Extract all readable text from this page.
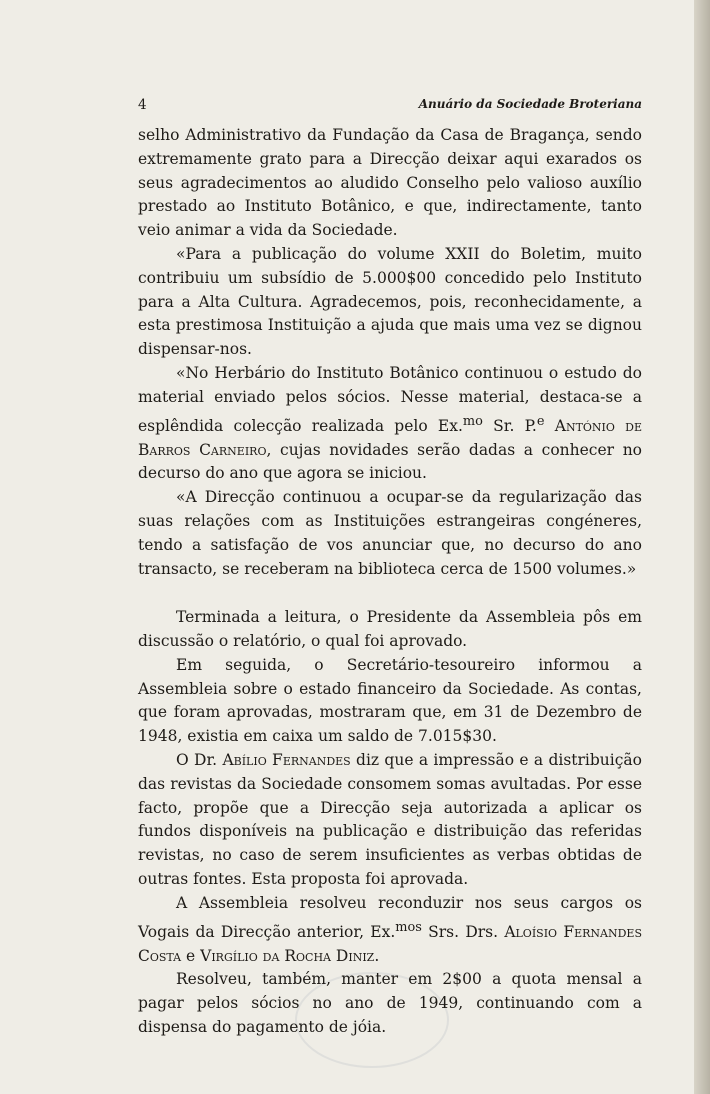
4	Anuário da Sociedade Broteriana

selho Administrativo da Fundação da Casa de Bragança, sendo extremamente grato para a Direcção deixar aqui exarados os seus agradecimentos ao aludido Conselho pelo valioso auxílio prestado ao Instituto Botânico, e que, indirectamente, tanto veio animar a vida da Sociedade.

«Para a publicação do volume XXII do Boletim, muito contribuiu um subsídio de 5.000$00 concedido pelo Instituto para a Alta Cultura. Agradecemos, pois, reconhecidamente, a esta prestimosa Instituição a ajuda que mais uma vez se dignou dispensar-nos.

«No Herbário do Instituto Botânico continuou o estudo do material enviado pelos sócios. Nesse material, destaca-se a esplêndida colecção realizada pelo Ex.$^{mo}$ Sr. P.$^e$ António de Barros Carneiro, cujas novidades serão dadas a conhecer no decurso do ano que agora se iniciou.

«A Direcção continuou a ocupar-se da regularização das suas relações com as Instituições estrangeiras congéneres, tendo a satisfação de vos anunciar que, no decurso do ano transacto, se receberam na biblioteca cerca de 1500 volumes.»

Terminada a leitura, o Presidente da Assembleia pôs em discussão o relatório, o qual foi aprovado.

Em seguida, o Secretário-tesoureiro informou a Assembleia sobre o estado financeiro da Sociedade. As contas, que foram aprovadas, mostraram que, em 31 de Dezembro de 1948, existia em caixa um saldo de 7.015$30.

O Dr. Abílio Fernandes diz que a impressão e a distribuição das revistas da Sociedade consomem somas avultadas. Por esse facto, propõe que a Direcção seja autorizada a aplicar os fundos disponíveis na publicação e distribuição das referidas revistas, no caso de serem insuficientes as verbas obtidas de outras fontes. Esta proposta foi aprovada.

A Assembleia resolveu reconduzir nos seus cargos os Vogais da Direcção anterior, Ex.$^{mos}$ Srs. Drs. Aloísio Fernandes Costa e Virgílio da Rocha Diniz.

Resolveu, também, manter em 2$00 a quota mensal a pagar pelos sócios no ano de 1949, continuando com a dispensa do pagamento de jóia.
